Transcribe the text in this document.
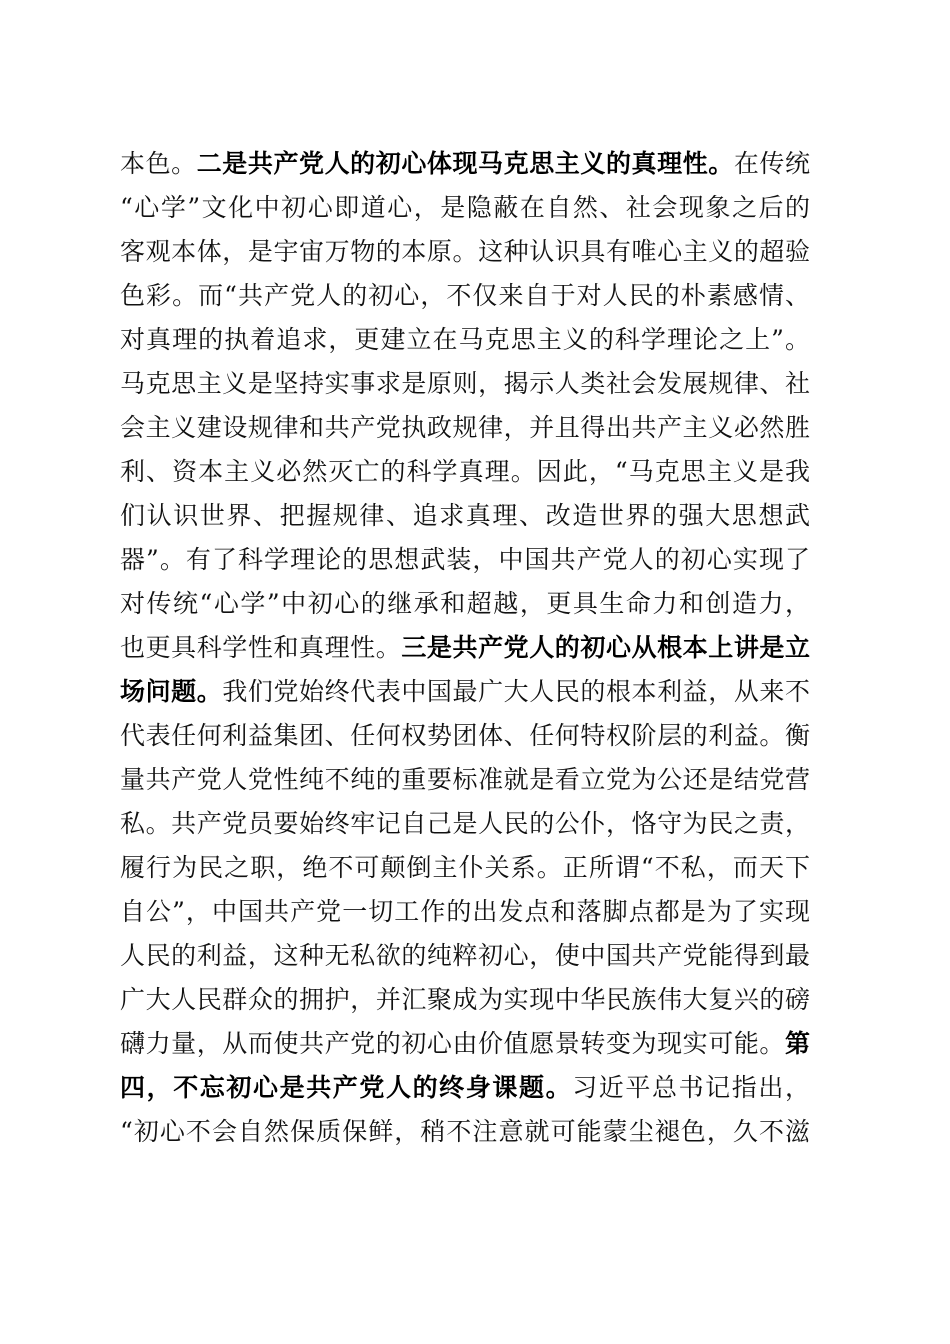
本色。二是共产党人的初心体现马克思主义的真理性。在传统
“心学”文化中初心即道心，是隐蔽在自然、社会现象之后的
客观本体，是宇宙万物的本原。这种认识具有唯心主义的超验
色彩。而“共产党人的初心，不仅来自于对人民的朴素感情、
对真理的执着追求，更建立在马克思主义的科学理论之上”。
马克思主义是坚持实事求是原则，揭示人类社会发展规律、社
会主义建设规律和共产党执政规律，并且得出共产主义必然胜
利、资本主义必然灭亡的科学真理。因此，“马克思主义是我
们认识世界、把握规律、追求真理、改造世界的强大思想武
器”。有了科学理论的思想武装，中国共产党人的初心实现了
对传统“心学”中初心的继承和超越，更具生命力和创造力，
也更具科学性和真理性。三是共产党人的初心从根本上讲是立
场问题。我们党始终代表中国最广大人民的根本利益，从来不
代表任何利益集团、任何权势团体、任何特权阶层的利益。衡
量共产党人党性纯不纯的重要标准就是看立党为公还是结党营
私。共产党员要始终牢记自己是人民的公仆，恪守为民之责，
履行为民之职，绝不可颠倒主仆关系。正所谓“不私，而天下
自公”，中国共产党一切工作的出发点和落脚点都是为了实现
人民的利益，这种无私欲的纯粹初心，使中国共产党能得到最
广大人民群众的拥护，并汇聚成为实现中华民族伟大复兴的磅
礴力量，从而使共产党的初心由价值愿景转变为现实可能。第
四，不忘初心是共产党人的终身课题。习近平总书记指出，
“初心不会自然保质保鲜，稍不注意就可能蒙尘褪色，久不滋
